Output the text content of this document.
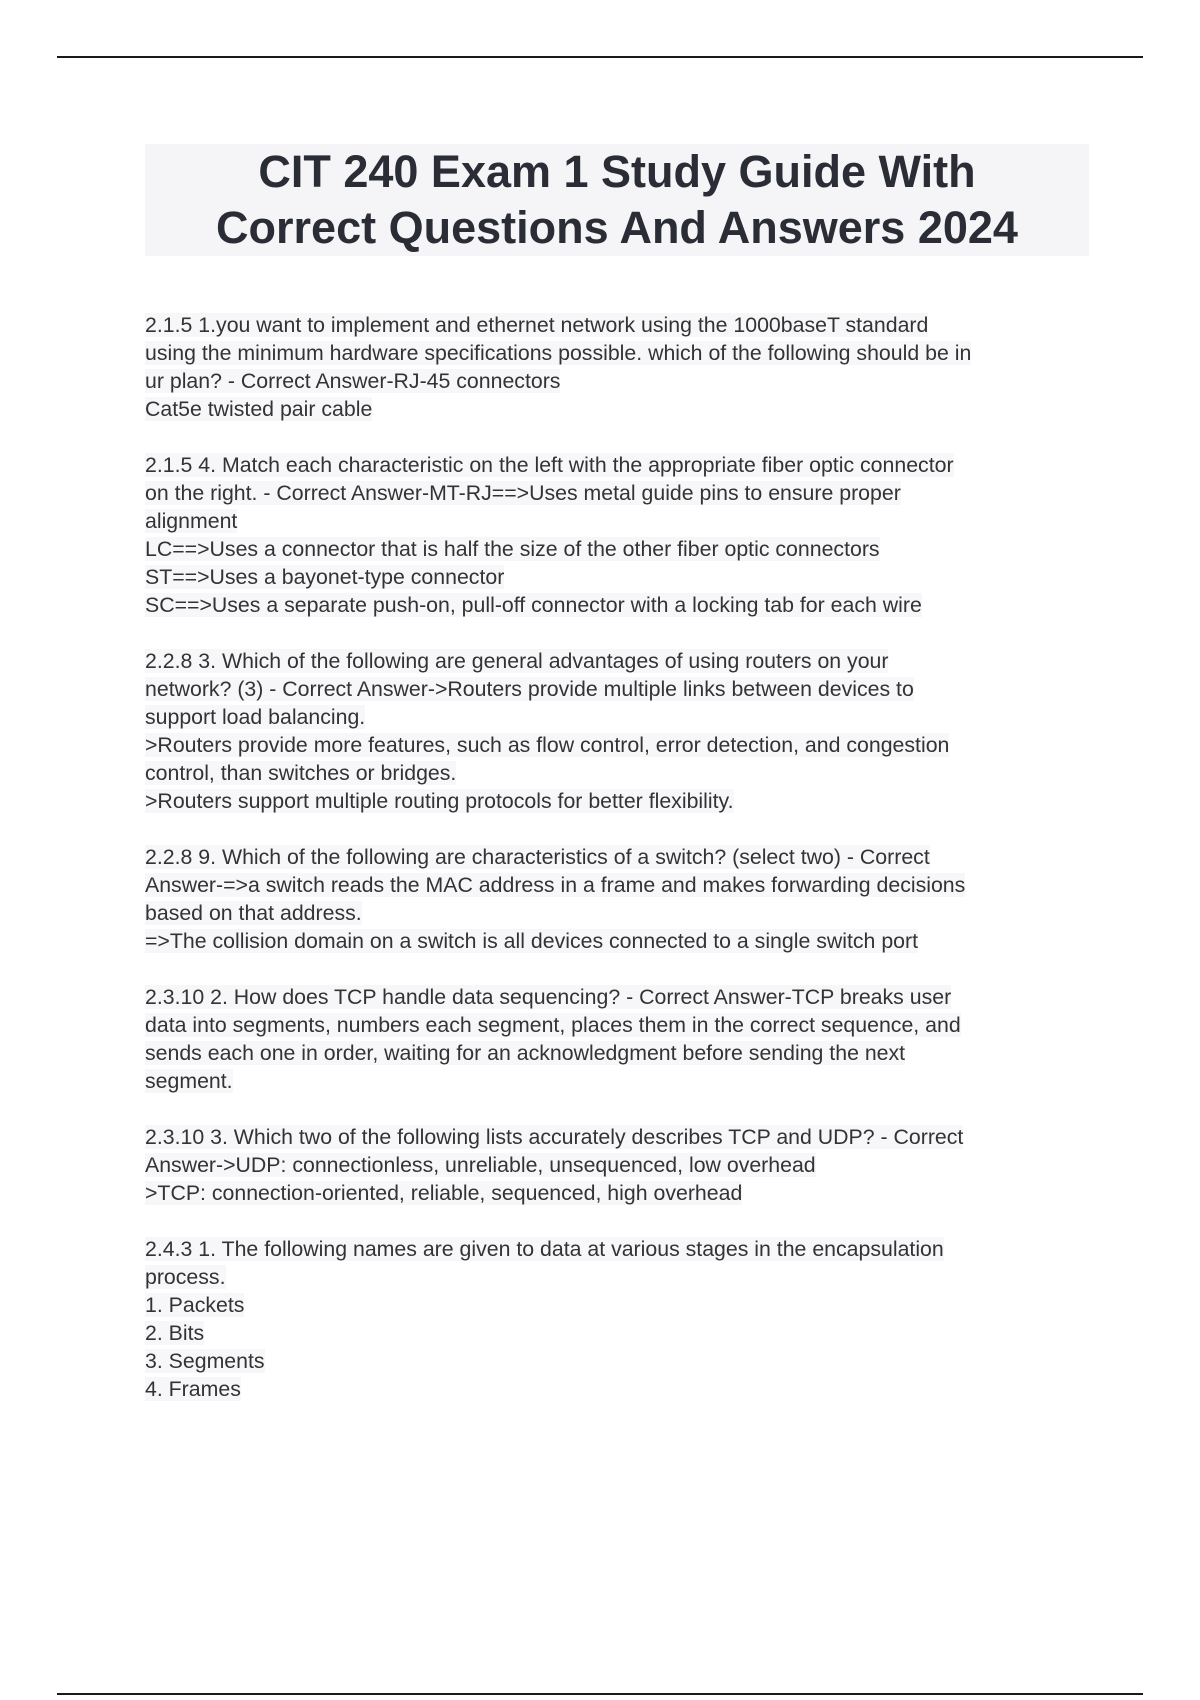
CIT 240 Exam 1 Study Guide With
Correct Questions And Answers 2024
2.1.5 1.you want to implement and ethernet network using the 1000baseT standard
using the minimum hardware specifications possible. which of the following should be in
ur plan? - Correct Answer-RJ-45 connectors
Cat5e twisted pair cable
2.1.5 4. Match each characteristic on the left with the appropriate fiber optic connector
on the right. - Correct Answer-MT-RJ==>Uses metal guide pins to ensure proper
alignment
LC==>Uses a connector that is half the size of the other fiber optic connectors
ST==>Uses a bayonet-type connector
SC==>Uses a separate push-on, pull-off connector with a locking tab for each wire
2.2.8 3. Which of the following are general advantages of using routers on your
network? (3) - Correct Answer->Routers provide multiple links between devices to
support load balancing.
>Routers provide more features, such as flow control, error detection, and congestion
control, than switches or bridges.
>Routers support multiple routing protocols for better flexibility.
2.2.8 9. Which of the following are characteristics of a switch? (select two) - Correct
Answer-=>a switch reads the MAC address in a frame and makes forwarding decisions
based on that address.
=>The collision domain on a switch is all devices connected to a single switch port
2.3.10 2. How does TCP handle data sequencing? - Correct Answer-TCP breaks user
data into segments, numbers each segment, places them in the correct sequence, and
sends each one in order, waiting for an acknowledgment before sending the next
segment.
2.3.10 3. Which two of the following lists accurately describes TCP and UDP? - Correct
Answer->UDP: connectionless, unreliable, unsequenced, low overhead
>TCP: connection-oriented, reliable, sequenced, high overhead
2.4.3 1. The following names are given to data at various stages in the encapsulation
process.
1. Packets
2. Bits
3. Segments
4. Frames
